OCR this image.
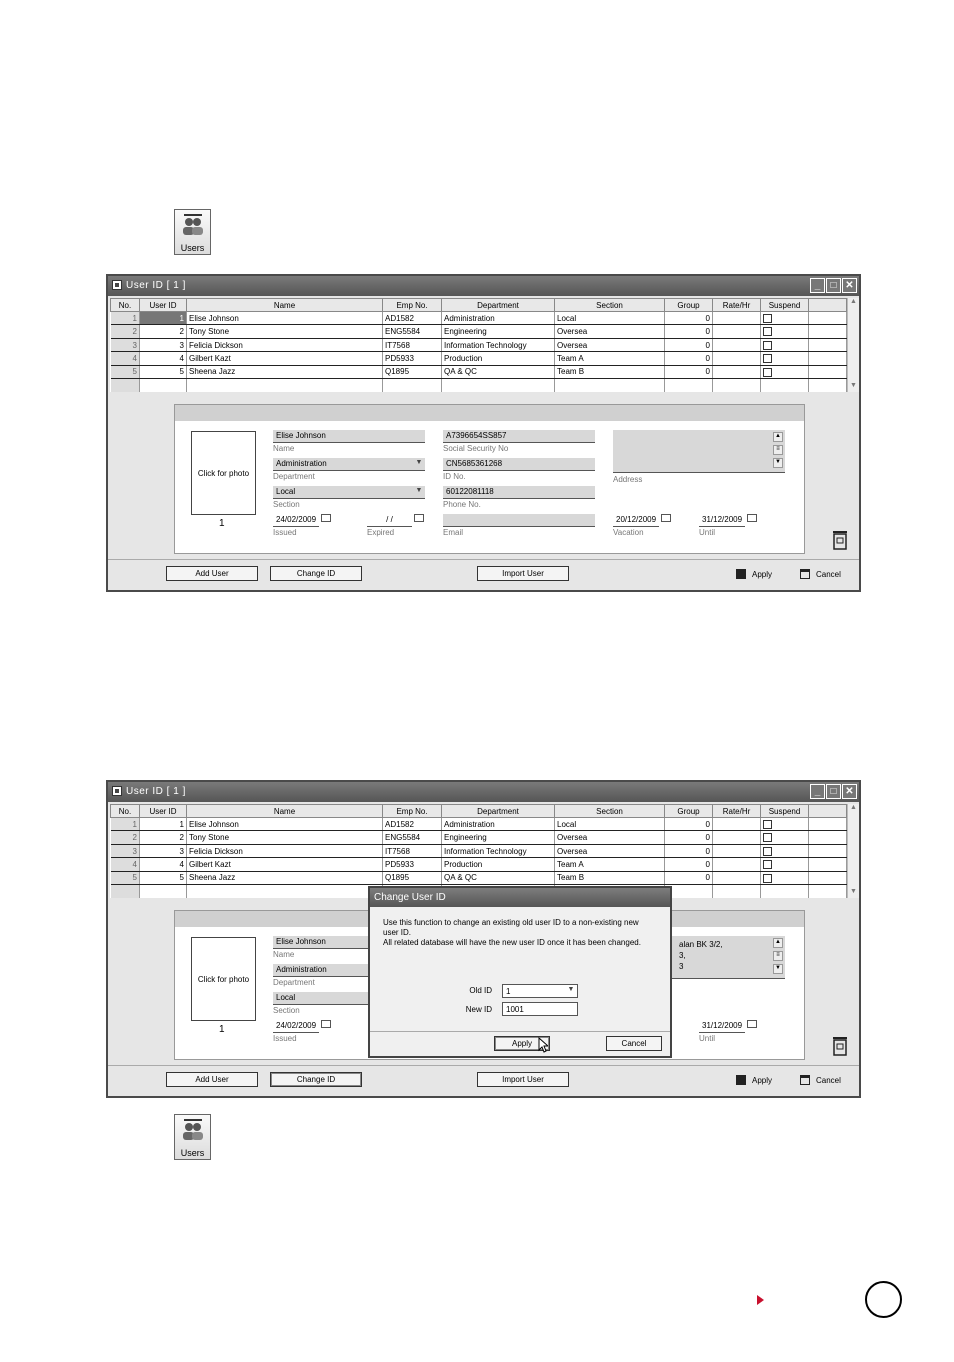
Users
User ID [ 1 ]	_	□ ✕
No.	User ID	Name	Emp No.	Department	Section	Group	Rate/Hr	Suspend	
1	1	Elise Johnson	AD1582	Administration	Local	0			
2	2	Tony Stone	ENG5584	Engineering	Oversea	0			
3	3	Felicia Dickson	IT7568	Information Technology	Oversea	0			
4	4	Gilbert Kazt	PD5933	Production	Team A	0			
5	5	Sheena Jazz	Q1895	QA & QC	Team B	0			

▲
▼
Click for photo
1
Elise Johnson
Name
Administration	▼
Department
Local	▼
Section
24/02/2009
Issued
/ /
Expired
A7396654SS857
Social Security No
CN5685361268
ID No.
60122081118
Phone No.
Email
▲
≡
▼
Address
20/12/2009
Vacation
31/12/2009
Until
Add User	Change ID	Import User	Apply	Cancel
User ID [ 1 ]	_	□ ✕
No.	User ID	Name	Emp No.	Department	Section	Group	Rate/Hr	Suspend	
1	1	Elise Johnson	AD1582	Administration	Local	0			
2	2	Tony Stone	ENG5584	Engineering	Oversea	0			
3	3	Felicia Dickson	IT7568	Information Technology	Oversea	0			
4	4	Gilbert Kazt	PD5933	Production	Team A	0			
5	5	Sheena Jazz	Q1895	QA & QC	Team B	0			

▲
▼
Click for photo
1
Elise Johnson
Name
Administration
Department
Local
Section
24/02/2009
Issued
alan BK 3/2,
3,
3
▲
≡
▼
31/12/2009
Until
Add User	Change ID	Import User	Apply	Cancel
Change User ID
Use this function to change an existing old user ID to a non-existing new
user ID.
All related database will have the new user ID once it has been changed.
Old ID	1	▼
New ID	1001
Apply	Cancel
Users
